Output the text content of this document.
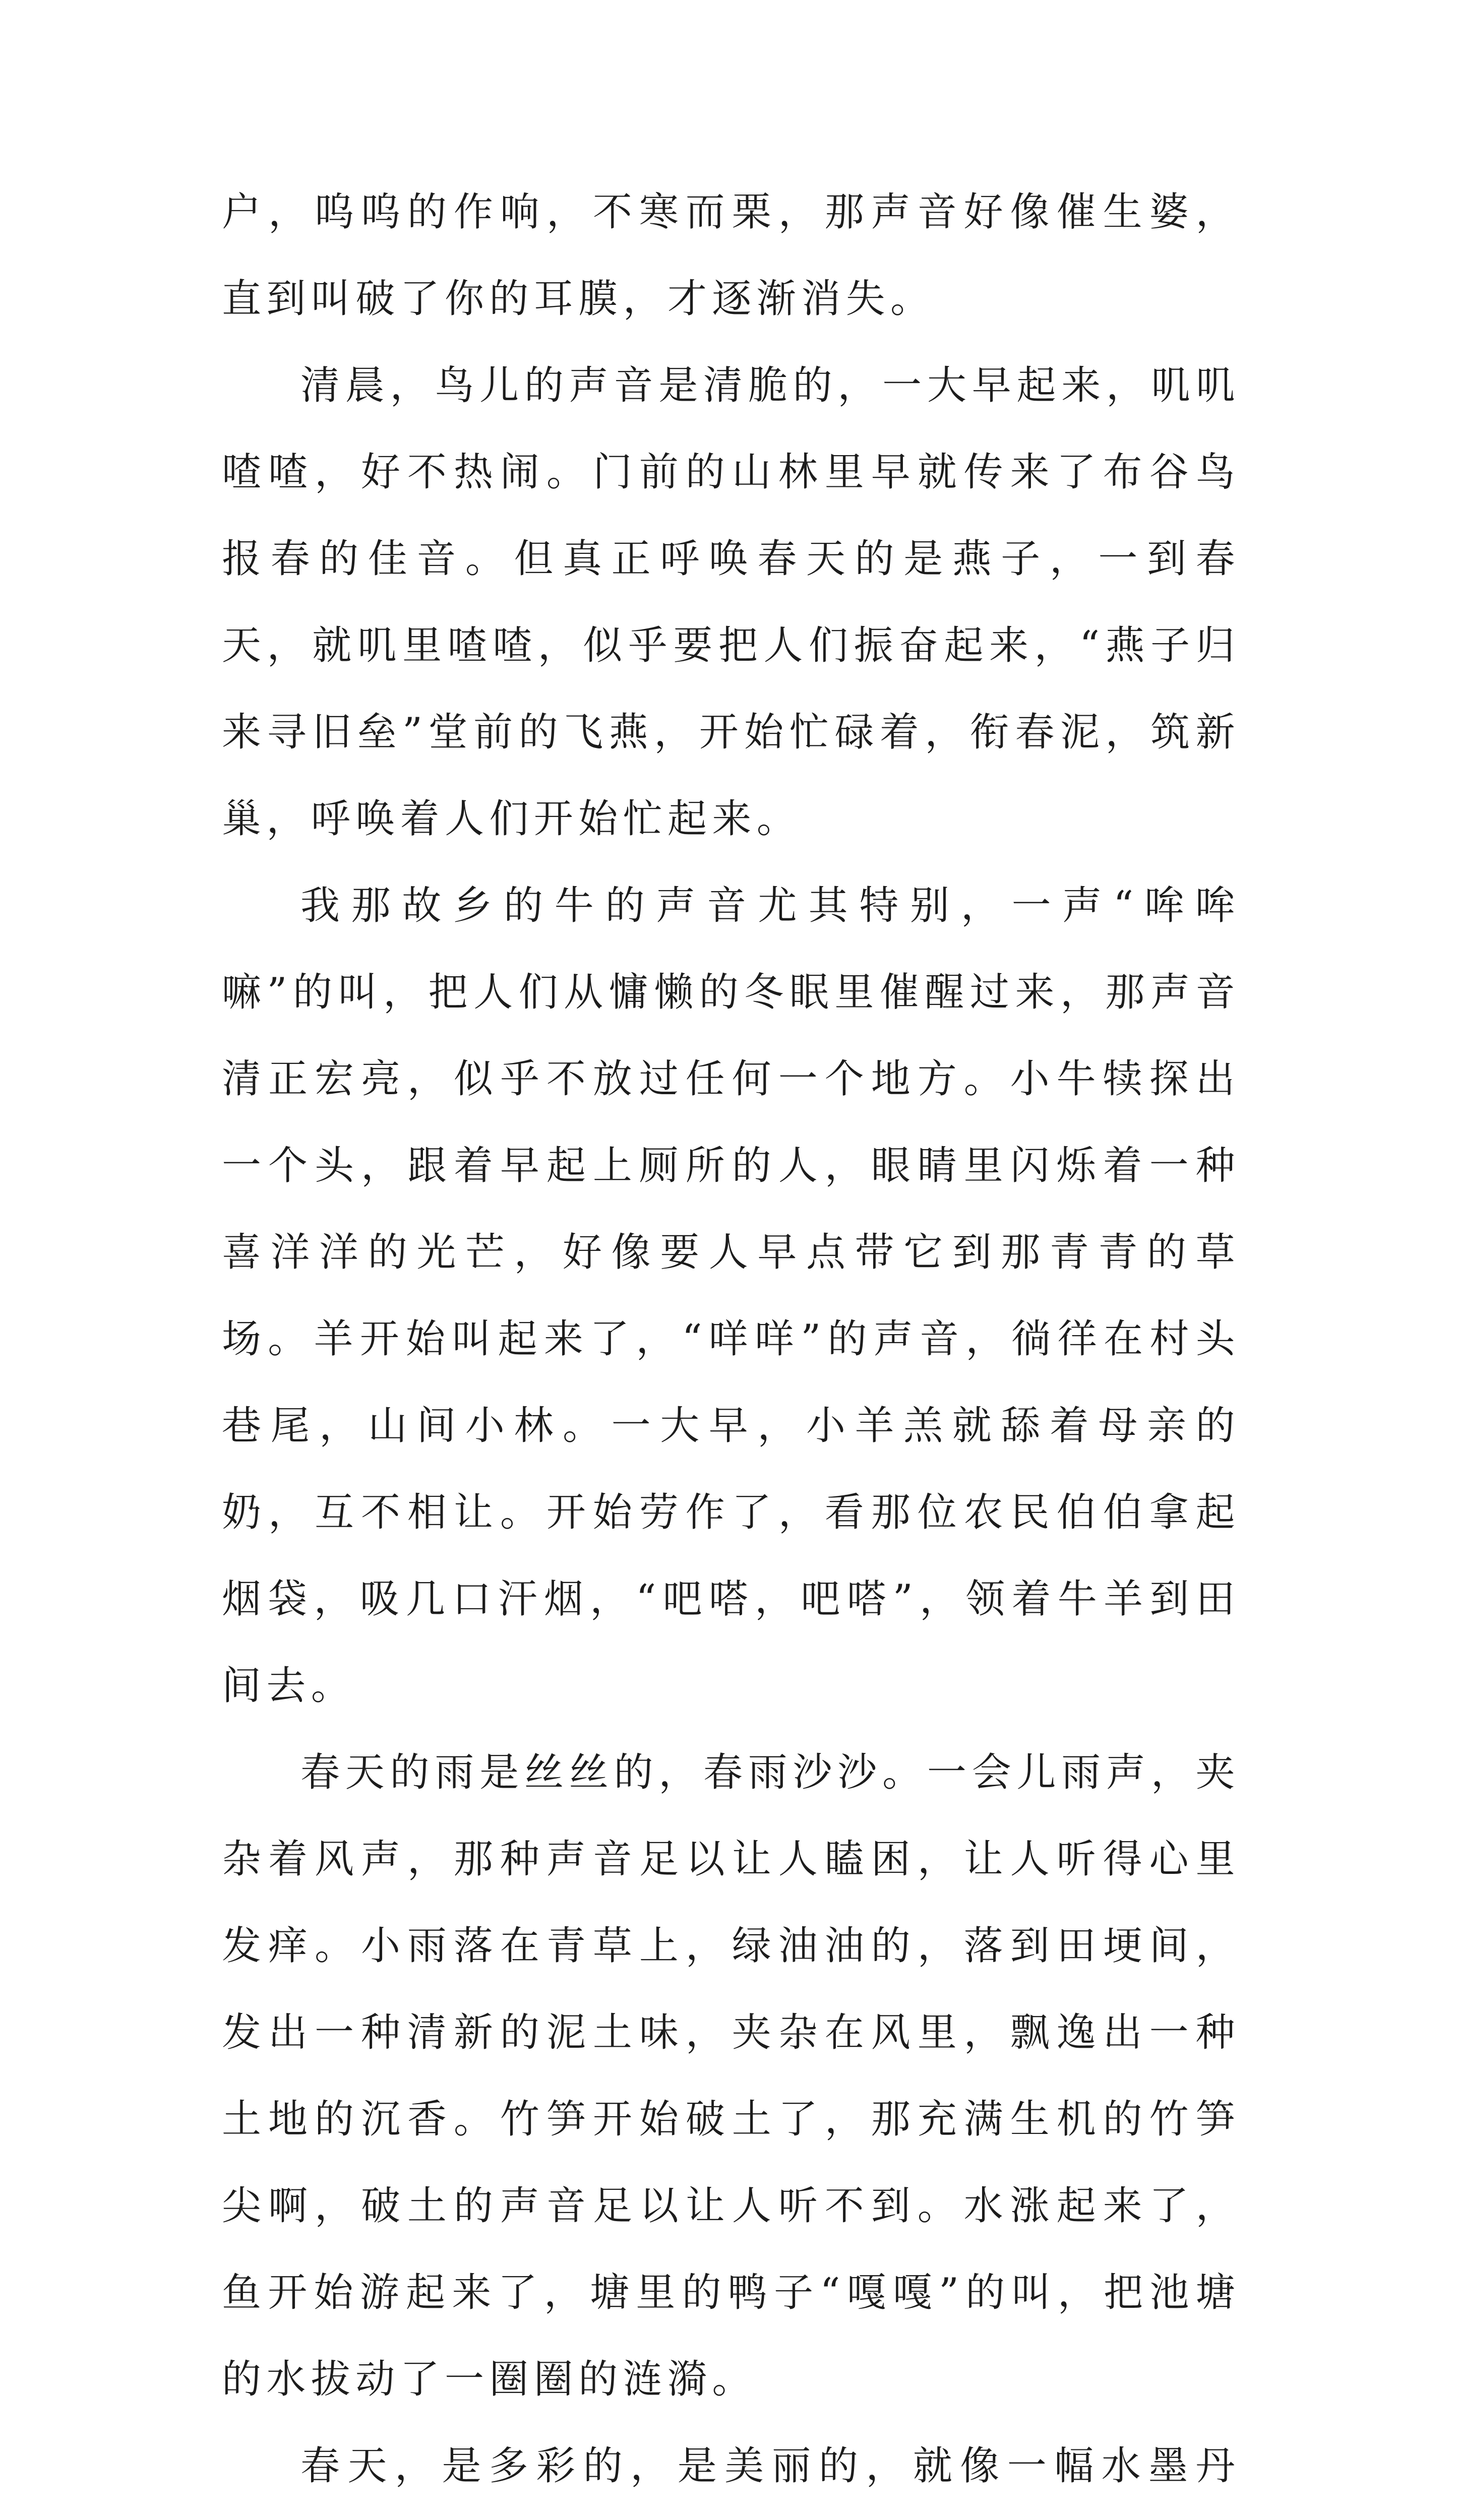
户，呜呜的作响，不寒而栗，那声音好像催生婆，直到叫破了你的耳膜，才逐渐消失。

清晨，鸟儿的声音是清脆的，一大早起来，叽叽喳喳，好不热闹。门前的山林里早就传来了布谷鸟报春的佳音。但真正呼唤春天的是燕子，一到春天，就叽里喳喳，似乎要把人们振奋起来，“燕子归来寻旧垒”堂前的飞燕，开始忙碌着，衔春泥，筑新巢，呼唤着人们开始忙起来。

我那故乡的牛的声音尤其特别，一声“哞哞嘛”的叫，把人们从慵懒的冬眠里催醒过来，那声音清正宏亮，似乎不放过任何一个地方。小牛犊探出一个头，跟着早起上厕所的人，眼睛里闪烁着一种喜洋洋的光芒，好像要人早点带它到那青青的草场。羊开始叫起来了，“咩咩”的声音，徜徉在村头巷尾，山间小林。一大早，小羊羔就舔着母亲的奶，互不相让。开始劳作了，看那位农民伯伯拿起烟袋，吸几口汗烟，“吧嗒，吧嗒”，领着牛羊到田间去。

春天的雨是丝丝的，春雨沙沙。一会儿雨声，夹杂着风声，那种声音足以让人瞌困，让人听得心里发痒。小雨落在青草上，绿油油的，落到田埂间，发出一种清新的泥土味，夹杂在风里，飘逸出一种土地的沉香。竹笋开始破土了，那充满生机的竹笋尖啊，破土的声音足以让人听不到。水涨起来了，鱼开始游起来了，塘里的鸭子“嘎嘎”的叫，把池塘的水拔动了一圈圈的涟漪。

春天，是多彩的，是美丽的，就像一幅水墨丹
